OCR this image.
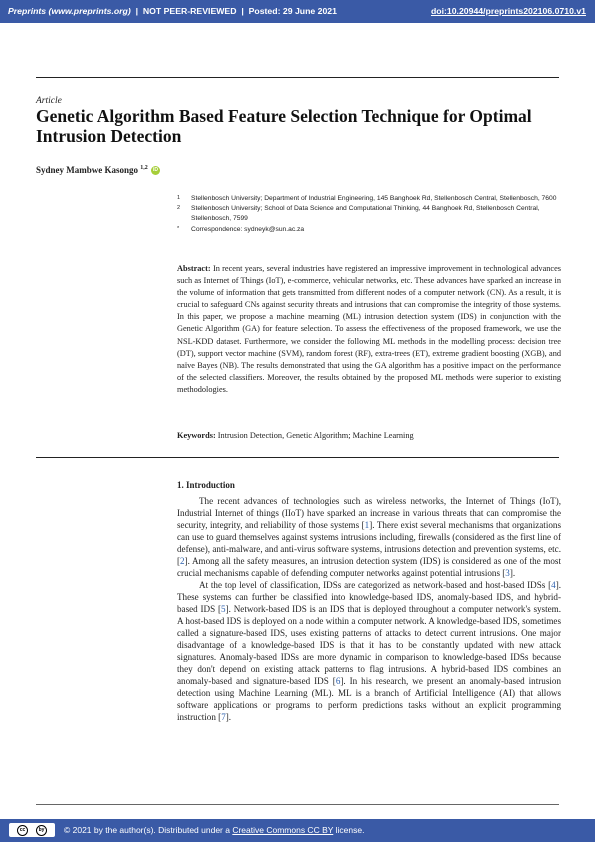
Preprints (www.preprints.org) | NOT PEER-REVIEWED | Posted: 29 June 2021	doi:10.20944/preprints202106.0710.v1
Article
Genetic Algorithm Based Feature Selection Technique for Optimal Intrusion Detection
Sydney Mambwe Kasongo $^{1,2}$ iD
1 Stellenbosch University; Department of Industrial Engineering, 145 Banghoek Rd, Stellenbosch Central, Stellenbosch, 7600
2 Stellenbosch University; School of Data Science and Computational Thinking, 44 Banghoek Rd, Stellenbosch Central, Stellenbosch, 7599
* Correspondence: sydneyk@sun.ac.za
Abstract: In recent years, several industries have registered an impressive improvement in technological advances such as Internet of Things (IoT), e-commerce, vehicular networks, etc. These advances have sparked an increase in the volume of information that gets transmitted from different nodes of a computer network (CN). As a result, it is crucial to safeguard CNs against security threats and intrusions that can compromise the integrity of those systems. In this paper, we propose a machine mearning (ML) intrusion detection system (IDS) in conjunction with the Genetic Algorithm (GA) for feature selection. To assess the effectiveness of the proposed framework, we use the NSL-KDD dataset. Furthermore, we consider the following ML methods in the modelling process: decision tree (DT), support vector machine (SVM), random forest (RF), extra-trees (ET), extreme gradient boosting (XGB), and naïve Bayes (NB). The results demonstrated that using the GA algorithm has a positive impact on the performance of the selected classifiers. Moreover, the results obtained by the proposed ML methods were superior to existing methodologies.
Keywords: Intrusion Detection, Genetic Algorithm; Machine Learning
1. Introduction

The recent advances of technologies such as wireless networks, the Internet of Things (IoT), Industrial Internet of things (IIoT) have sparked an increase in various threats that can compromise the security, integrity, and reliability of those systems [1]. There exist several mechanisms that organizations can use to guard themselves against systems intrusions including, firewalls (considered as the first line of defense), anti-malware, and anti-virus software systems, intrusions detection and prevention systems, etc. [2]. Among all the safety measures, an intrusion detection system (IDS) is considered as one of the most crucial mechanisms capable of defending computer networks against potential intrusions [3].

At the top level of classification, IDSs are categorized as network-based and host-based IDSs [4]. These systems can further be classified into knowledge-based IDS, anomaly-based IDS, and hybrid-based IDS [5]. Network-based IDS is an IDS that is deployed throughout a computer network's system. A host-based IDS is deployed on a node within a computer network. A knowledge-based IDS, sometimes called a signature-based IDS, uses existing patterns of attacks to detect current intrusions. One major disadvantage of a knowledge-based IDS is that it has to be constantly updated with new attack signatures. Anomaly-based IDSs are more dynamic in comparison to knowledge-based IDSs because they don't depend on existing attack patterns to flag intrusions. A hybrid-based IDS combines an anomaly-based and signature-based IDS [6]. In his research, we present an anomaly-based intrusion detection using Machine Learning (ML). ML is a branch of Artificial Intelligence (AI) that allows software applications or programs to perform predictions tasks without an explicit programming instruction [7].

cc	by	© 2021 by the author(s). Distributed under a Creative Commons CC BY license.
